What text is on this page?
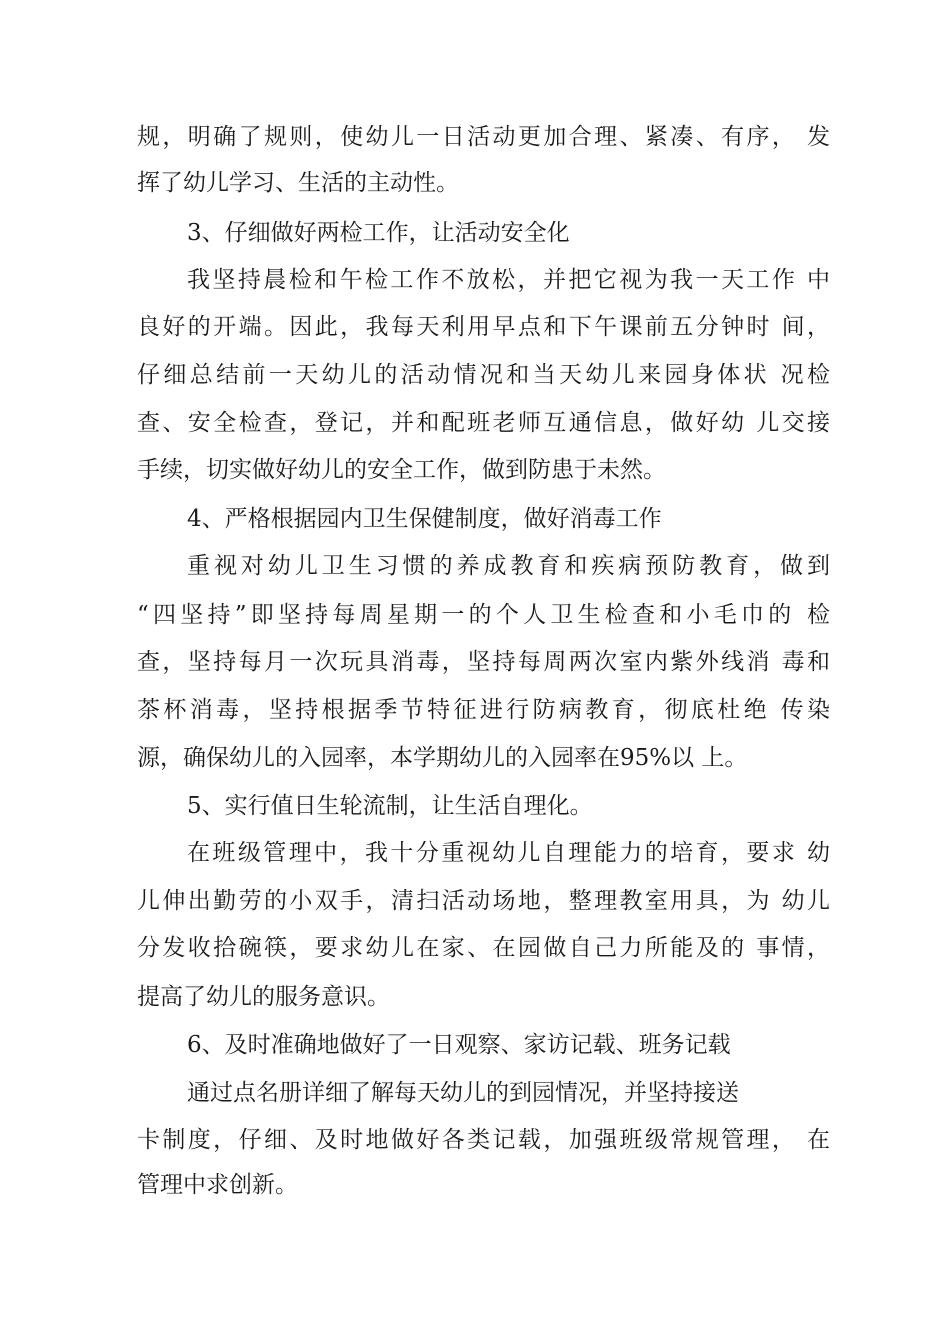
规，明确了规则，使幼儿一日活动更加合理、紧凑、有序， 发
挥了幼儿学习、生活的主动性。
3、仔细做好两检工作，让活动安全化
我坚持晨检和午检工作不放松，并把它视为我一天工作 中
良好的开端。因此，我每天利用早点和下午课前五分钟时 间，
仔细总结前一天幼儿的活动情况和当天幼儿来园身体状 况检
查、安全检查，登记，并和配班老师互通信息，做好幼 儿交接
手续，切实做好幼儿的安全工作，做到防患于未然。
4、严格根据园内卫生保健制度，做好消毒工作
重视对幼儿卫生习惯的养成教育和疾病预防教育，做到
“四坚持”即坚持每周星期一的个人卫生检查和小毛巾的 检
查，坚持每月一次玩具消毒，坚持每周两次室内紫外线消 毒和
茶杯消毒，坚持根据季节特征进行防病教育，彻底杜绝 传染
源，确保幼儿的入园率，本学期幼儿的入园率在95%以 上。
5、实行值日生轮流制，让生活自理化。
在班级管理中，我十分重视幼儿自理能力的培育，要求 幼
儿伸出勤劳的小双手，清扫活动场地，整理教室用具，为 幼儿
分发收拾碗筷，要求幼儿在家、在园做自己力所能及的 事情，
提高了幼儿的服务意识。
6、及时准确地做好了一日观察、家访记载、班务记载
通过点名册详细了解每天幼儿的到园情况，并坚持接送
卡制度，仔细、及时地做好各类记载，加强班级常规管理， 在
管理中求创新。
